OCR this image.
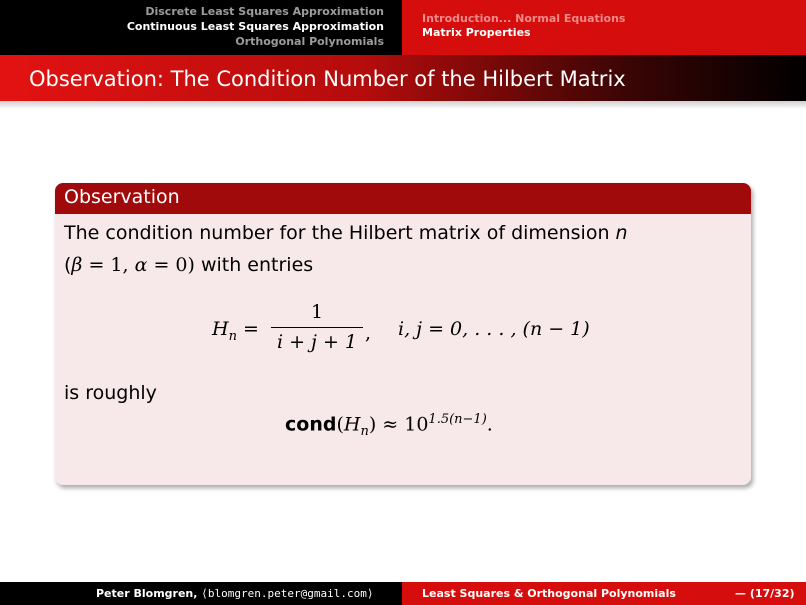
Discrete Least Squares Approximation
Continuous Least Squares Approximation
Orthogonal Polynomials
Introduction... Normal Equations
Matrix Properties
Observation: The Condition Number of the Hilbert Matrix
Observation
The condition number for the Hilbert matrix of dimension n
(β = 1, α = 0) with entries
$H_n$ =
1
i + j + 1 , i, j = 0, . . . , (n − 1)
is roughly
$cond(H_n) \approx 10^{1.5(n-1)}$.
Peter Blomgren, ⟨blomgren.peter@gmail.com⟩	Least Squares & Orthogonal Polynomials	— (17/32)
